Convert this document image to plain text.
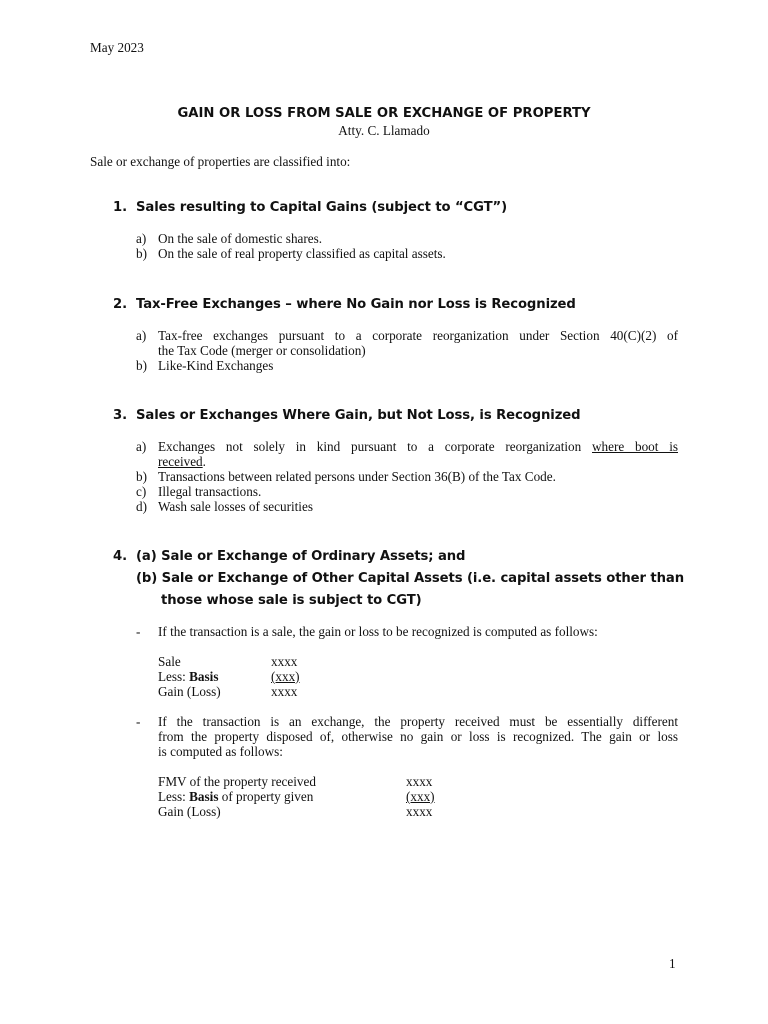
May 2023
GAIN OR LOSS FROM SALE OR EXCHANGE OF PROPERTY
Atty. C. Llamado
Sale or exchange of properties are classified into:
1. Sales resulting to Capital Gains (subject to “CGT”)
a) On the sale of domestic shares.
b) On the sale of real property classified as capital assets.
2. Tax-Free Exchanges – where No Gain nor Loss is Recognized
a) Tax-free exchanges pursuant to a corporate reorganization under Section 40(C)(2) of
the Tax Code (merger or consolidation)
b) Like-Kind Exchanges
3. Sales or Exchanges Where Gain, but Not Loss, is Recognized
a) Exchanges not solely in kind pursuant to a corporate reorganization where boot is
received.
b) Transactions between related persons under Section 36(B) of the Tax Code.
c) Illegal transactions.
d) Wash sale losses of securities
4. (a) Sale or Exchange of Ordinary Assets; and
(b) Sale or Exchange of Other Capital Assets (i.e. capital assets other than
those whose sale is subject to CGT)
- If the transaction is a sale, the gain or loss to be recognized is computed as follows:
Sale	xxxx
Less: Basis	(xxx)
Gain (Loss)	xxxx
- If the transaction is an exchange, the property received must be essentially different
from the property disposed of, otherwise no gain or loss is recognized. The gain or loss
is computed as follows:
FMV of the property received	xxxx
Less: Basis of property given	(xxx)
Gain (Loss)	xxxx
1
